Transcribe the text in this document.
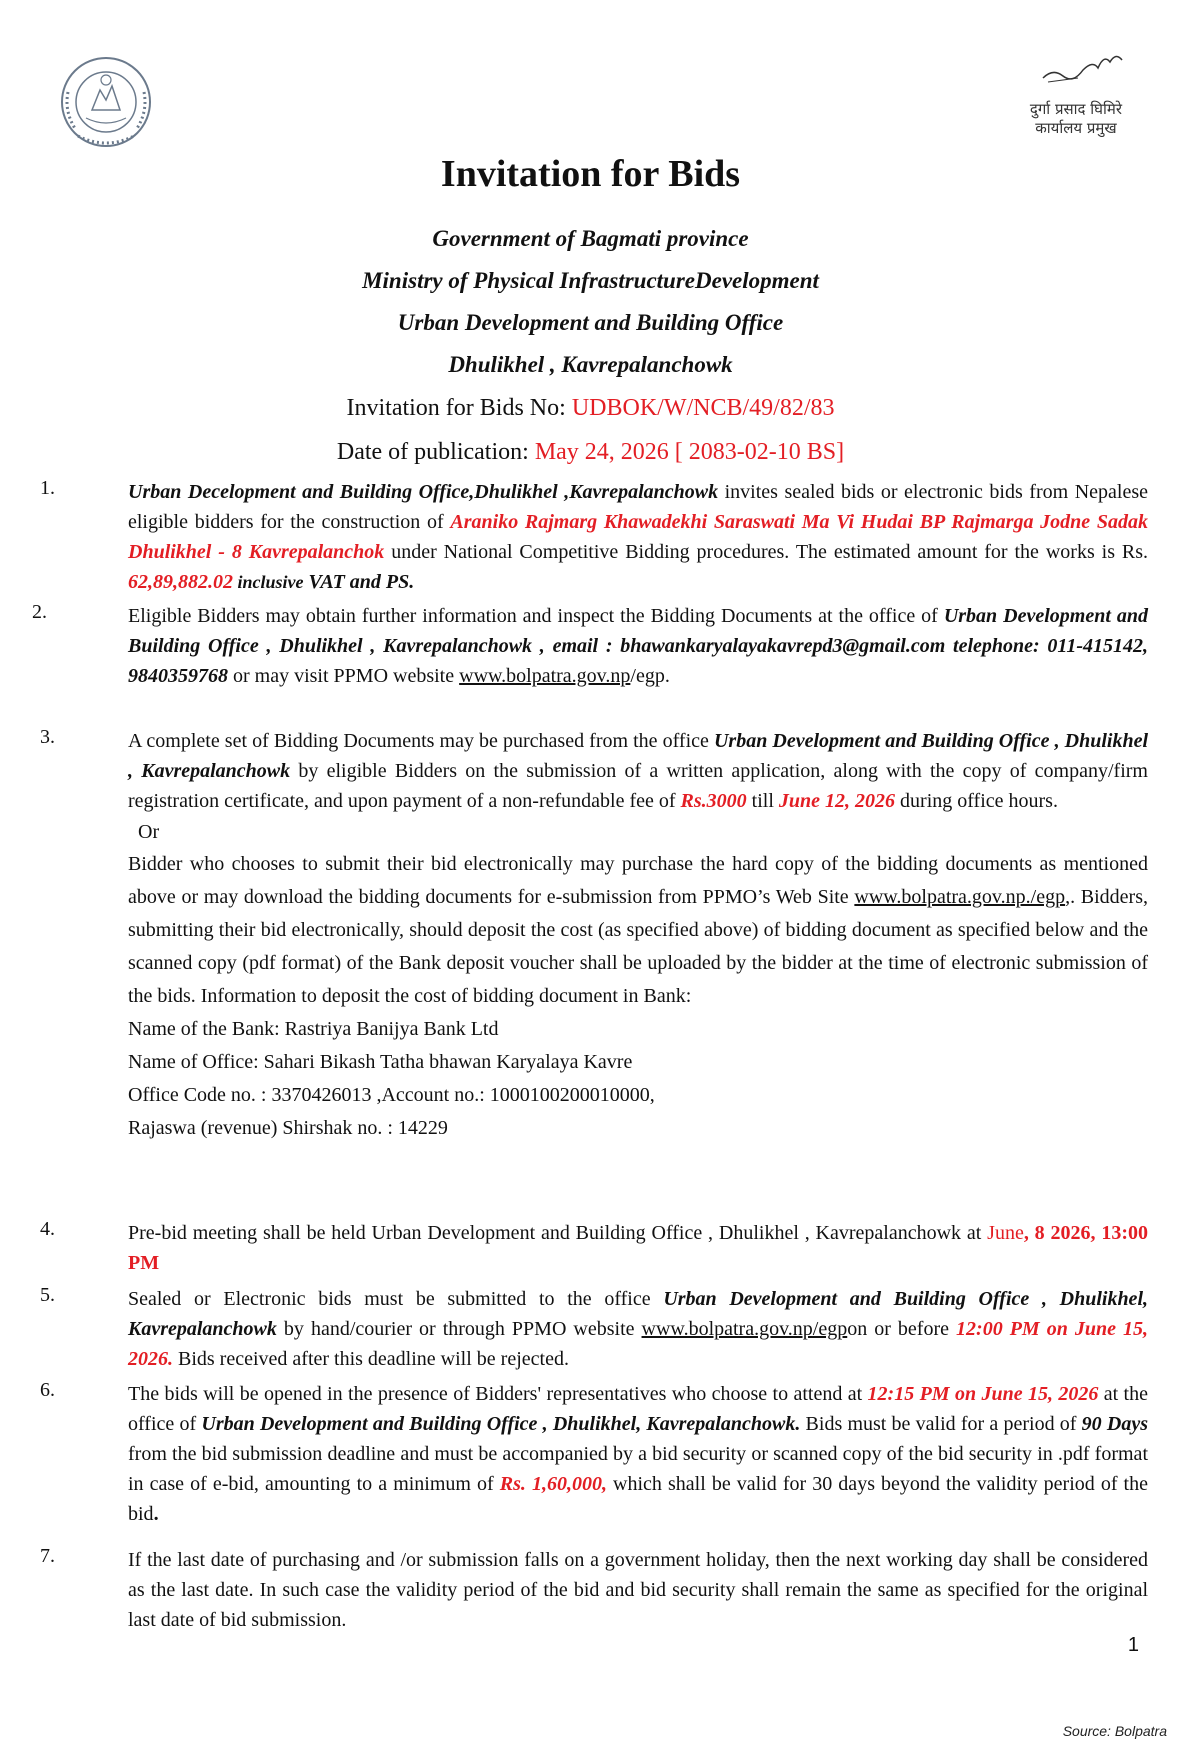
दुर्गा प्रसाद घिमिरे
कार्यालय प्रमुख
Invitation for Bids
Government of Bagmati province
Ministry of Physical InfrastructureDevelopment
Urban Development and Building Office
Dhulikhel , Kavrepalanchowk
Invitation for Bids No: UDBOK/W/NCB/49/82/83
Date of publication: May 24, 2026 [ 2083-02-10 BS]
1.	Urban Decelopment and Building Office,Dhulikhel ,Kavrepalanchowk invites sealed bids or electronic bids from Nepalese eligible bidders for the construction of Araniko Rajmarg Khawadekhi Saraswati Ma Vi Hudai BP Rajmarga Jodne Sadak Dhulikhel - 8 Kavrepalanchok under National Competitive Bidding procedures. The estimated amount for the works is Rs. 62,89,882.02 inclusive VAT and PS.
2.	Eligible Bidders may obtain further information and inspect the Bidding Documents at the office of Urban Development and Building Office , Dhulikhel , Kavrepalanchowk , email : bhawankaryalayakavrepd3@gmail.com telephone: 011-415142, 9840359768 or may visit PPMO website www.bolpatra.gov.np/egp.
3.	A complete set of Bidding Documents may be purchased from the office Urban Development and Building Office , Dhulikhel , Kavrepalanchowk by eligible Bidders on the submission of a written application, along with the copy of company/firm registration certificate, and upon payment of a non-refundable fee of Rs.3000 till June 12, 2026 during office hours.
Or
Bidder who chooses to submit their bid electronically may purchase the hard copy of the bidding documents as mentioned above or may download the bidding documents for e-submission from PPMO’s Web Site www.bolpatra.gov.np./egp,. Bidders, submitting their bid electronically, should deposit the cost (as specified above) of bidding document as specified below and the scanned copy (pdf format) of the Bank deposit voucher shall be uploaded by the bidder at the time of electronic submission of the bids. Information to deposit the cost of bidding document in Bank:
Name of the Bank: Rastriya Banijya Bank Ltd
Name of Office: Sahari Bikash Tatha bhawan Karyalaya Kavre
Office Code no. : 3370426013 ,Account no.: 1000100200010000,
Rajaswa (revenue) Shirshak no. : 14229
4.	Pre-bid meeting shall be held Urban Development and Building Office , Dhulikhel , Kavrepalanchowk at June, 8 2026, 13:00 PM
5.	Sealed or Electronic bids must be submitted to the office Urban Development and Building Office , Dhulikhel, Kavrepalanchowk by hand/courier or through PPMO website www.bolpatra.gov.np/egpon or before 12:00 PM on June 15, 2026. Bids received after this deadline will be rejected.
6.	The bids will be opened in the presence of Bidders' representatives who choose to attend at 12:15 PM on June 15, 2026 at the office of Urban Development and Building Office , Dhulikhel, Kavrepalanchowk. Bids must be valid for a period of 90 Days from the bid submission deadline and must be accompanied by a bid security or scanned copy of the bid security in .pdf format in case of e-bid, amounting to a minimum of Rs. 1,60,000, which shall be valid for 30 days beyond the validity period of the bid.
7.	If the last date of purchasing and /or submission falls on a government holiday, then the next working day shall be considered as the last date. In such case the validity period of the bid and bid security shall remain the same as specified for the original last date of bid submission.
1
Source: Bolpatra
